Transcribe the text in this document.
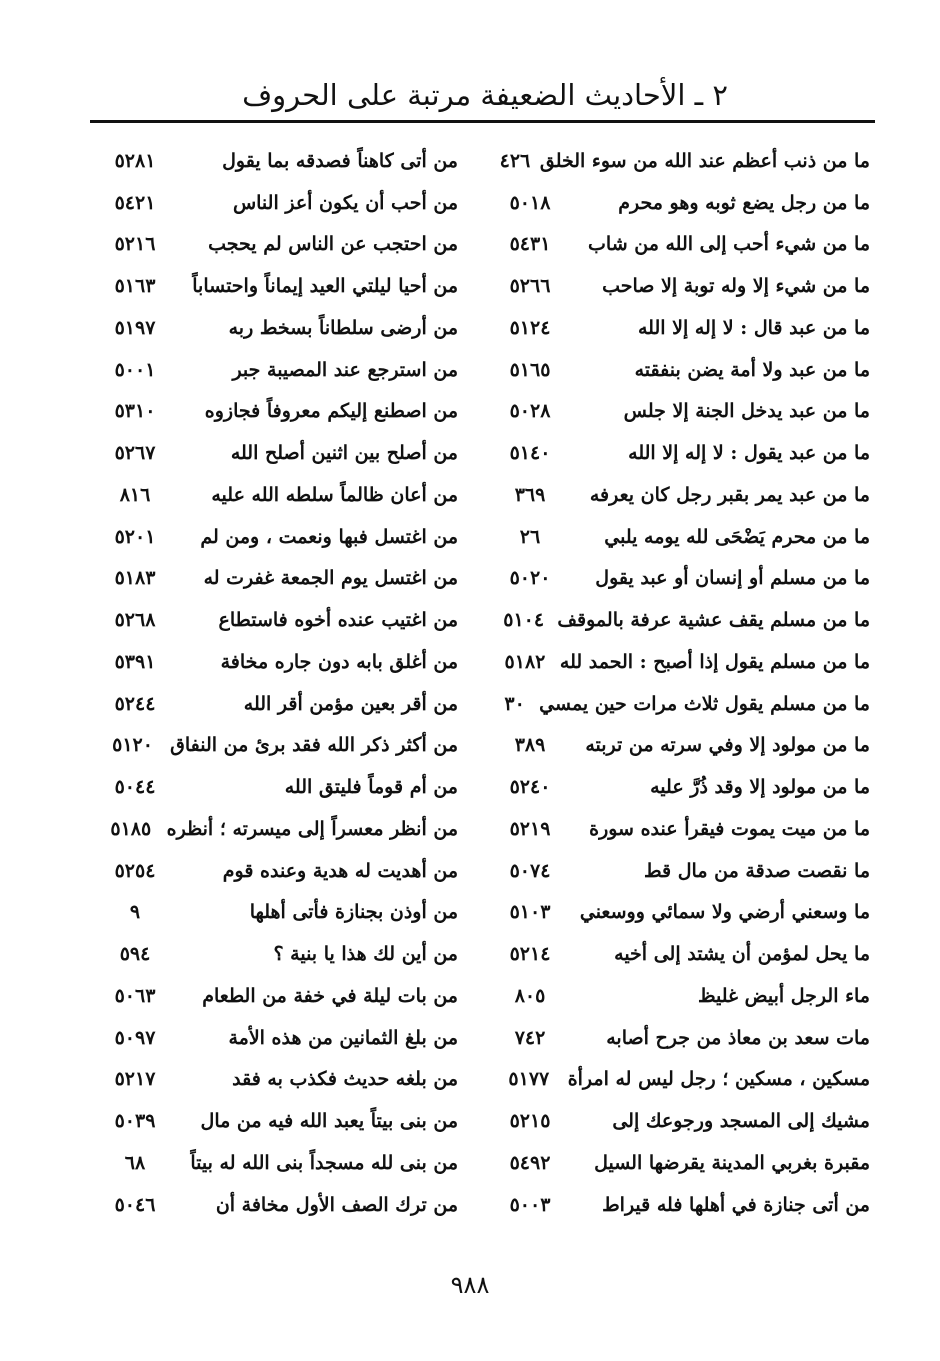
٢ ـ الأحاديث الضعيفة مرتبة على الحروف
ما من ذنب أعظم عند الله من سوء الخلق
٤٢٦
ما من رجل يضع ثوبه وهو محرم
٥٠١٨
ما من شيء أحب إلى الله من شاب
٥٤٣١
ما من شيء إلا وله توبة إلا صاحب
٥٢٦٦
ما من عبد قال : لا إله إلا الله
٥١٢٤
ما من عبد ولا أمة يضن بنفقته
٥١٦٥
ما من عبد يدخل الجنة إلا جلس
٥٠٢٨
ما من عبد يقول : لا إله إلا الله
٥١٤٠
ما من عبد يمر بقبر رجل كان يعرفه
٣٦٩
ما من محرم يَضْحَى لله يومه يلبي
٢٦
ما من مسلم أو إنسان أو عبد يقول
٥٠٢٠
ما من مسلم يقف عشية عرفة بالموقف
٥١٠٤
ما من مسلم يقول إذا أصبح : الحمد لله
٥١٨٢
ما من مسلم يقول ثلاث مرات حين يمسي
٣٠
ما من مولود إلا وفي سرته من تربته
٣٨٩
ما من مولود إلا وقد ذُرَّ عليه
٥٢٤٠
ما من ميت يموت فيقرأ عنده سورة
٥٢١٩
ما نقصت صدقة من مال قط
٥٠٧٤
ما وسعني أرضي ولا سمائي ووسعني
٥١٠٣
ما يحل لمؤمن أن يشتد إلى أخيه
٥٢١٤
ماء الرجل أبيض غليظ
٨٠٥
مات سعد بن معاذ من جرح أصابه
٧٤٢
مسكين ، مسكين ؛ رجل ليس له امرأة
٥١٧٧
مشيك إلى المسجد ورجوعك إلى
٥٢١٥
مقبرة بغربي المدينة يقرضها السيل
٥٤٩٢
من أتى جنازة في أهلها فله قيراط
٥٠٠٣
من أتى كاهناً فصدقه بما يقول
٥٢٨١
من أحب أن يكون أعز الناس
٥٤٢١
من احتجب عن الناس لم يحجب
٥٢١٦
من أحيا ليلتي العيد إيماناً واحتساباً
٥١٦٣
من أرضى سلطاناً بسخط ربه
٥١٩٧
من استرجع عند المصيبة جبر
٥٠٠١
من اصطنع إليكم معروفاً فجازوه
٥٣١٠
من أصلح بين اثنين أصلح الله
٥٢٦٧
من أعان ظالماً سلطه الله عليه
٨١٦
من اغتسل فبها ونعمت ، ومن لم
٥٢٠١
من اغتسل يوم الجمعة غفرت له
٥١٨٣
من اغتيب عنده أخوه فاستطاع
٥٢٦٨
من أغلق بابه دون جاره مخافة
٥٣٩١
من أقر بعين مؤمن أقر الله
٥٢٤٤
من أكثر ذكر الله فقد برئ من النفاق
٥١٢٠
من أم قوماً فليتق الله
٥٠٤٤
من أنظر معسراً إلى ميسرته ؛ أنظره
٥١٨٥
من أهديت له هدية وعنده قوم
٥٢٥٤
من أوذن بجنازة فأتى أهلها
٩
من أين لك هذا يا بنية ؟
٥٩٤
من بات ليلة في خفة من الطعام
٥٠٦٣
من بلغ الثمانين من هذه الأمة
٥٠٩٧
من بلغه حديث فكذب به فقد
٥٢١٧
من بنى بيتاً يعبد الله فيه من مال
٥٠٣٩
من بنى لله مسجداً بنى الله له بيتاً
٦٨
من ترك الصف الأول مخافة أن
٥٠٤٦
٩٨٨
